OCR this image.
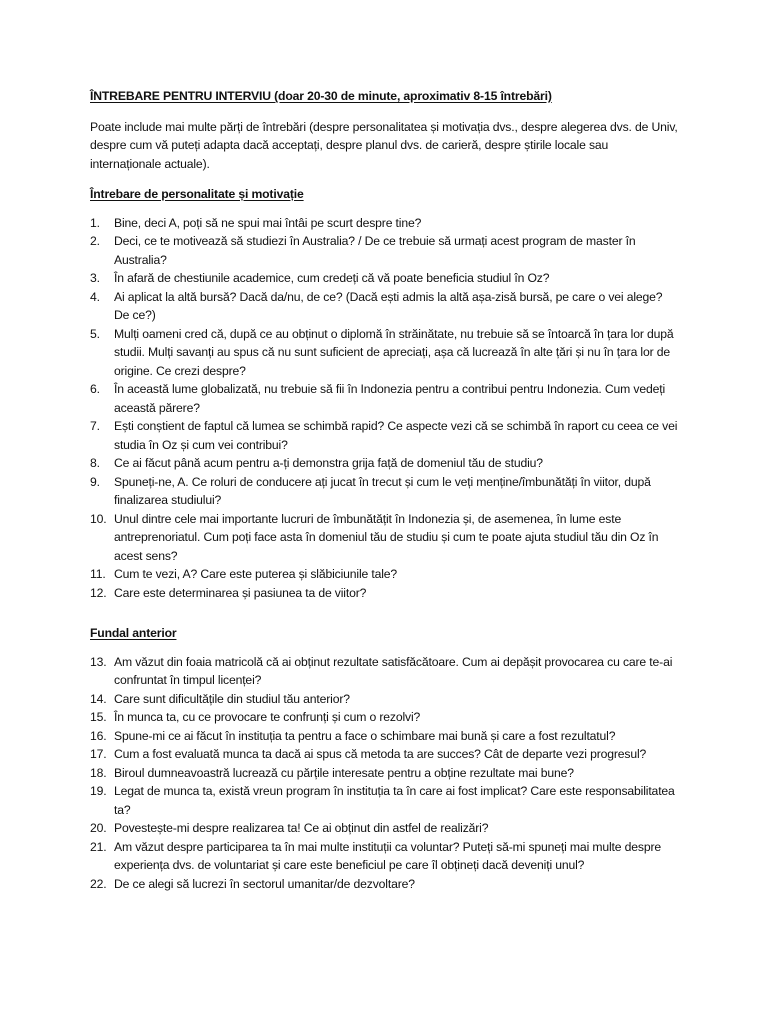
ÎNTREBARE PENTRU INTERVIU (doar 20-30 de minute, aproximativ 8-15 întrebări)

Poate include mai multe părți de întrebări (despre personalitatea și motivația dvs., despre alegerea dvs. de Univ, despre cum vă puteți adapta dacă acceptați, despre planul dvs. de carieră, despre știrile locale sau internaționale actuale).

Întrebare de personalitate și motivație
1.	Bine, deci A, poți să ne spui mai întâi pe scurt despre tine?
2.	Deci, ce te motivează să studiezi în Australia? / De ce trebuie să urmați acest program de master în Australia?
3.	În afară de chestiunile academice, cum credeți că vă poate beneficia studiul în Oz?
4.	Ai aplicat la altă bursă? Dacă da/nu, de ce? (Dacă ești admis la altă așa-zisă bursă, pe care o vei alege? De ce?)
5.	Mulți oameni cred că, după ce au obținut o diplomă în străinătate, nu trebuie să se întoarcă în țara lor după studii. Mulți savanți au spus că nu sunt suficient de apreciați, așa că lucrează în alte țări și nu în țara lor de origine. Ce crezi despre?
6.	În această lume globalizată, nu trebuie să fii în Indonezia pentru a contribui pentru Indonezia. Cum vedeți această părere?
7.	Ești conștient de faptul că lumea se schimbă rapid? Ce aspecte vezi că se schimbă în raport cu ceea ce vei studia în Oz și cum vei contribui?
8.	Ce ai făcut până acum pentru a-ți demonstra grija față de domeniul tău de studiu?
9.	Spuneți-ne, A. Ce roluri de conducere ați jucat în trecut și cum le veți menține/îmbunătăți în viitor, după finalizarea studiului?
10. Unul dintre cele mai importante lucruri de îmbunătățit în Indonezia și, de asemenea, în lume este antreprenoriatul. Cum poți face asta în domeniul tău de studiu și cum te poate ajuta studiul tău din Oz în acest sens?
11. Cum te vezi, A? Care este puterea și slăbiciunile tale?
12. Care este determinarea și pasiunea ta de viitor?
Fundal anterior
13. Am văzut din foaia matricolă că ai obținut rezultate satisfăcătoare. Cum ai depășit provocarea cu care te-ai confruntat în timpul licenței?
14. Care sunt dificultățile din studiul tău anterior?
15. În munca ta, cu ce provocare te confrunți și cum o rezolvi?
16. Spune-mi ce ai făcut în instituția ta pentru a face o schimbare mai bună și care a fost rezultatul?
17. Cum a fost evaluată munca ta dacă ai spus că metoda ta are succes? Cât de departe vezi progresul?
18. Biroul dumneavoastră lucrează cu părțile interesate pentru a obține rezultate mai bune?
19. Legat de munca ta, există vreun program în instituția ta în care ai fost implicat? Care este responsabilitatea ta?
20. Povestește-mi despre realizarea ta! Ce ai obținut din astfel de realizări?
21. Am văzut despre participarea ta în mai multe instituții ca voluntar? Puteți să-mi spuneți mai multe despre experiența dvs. de voluntariat și care este beneficiul pe care îl obțineți dacă deveniți unul?
22. De ce alegi să lucrezi în sectorul umanitar/de dezvoltare?
